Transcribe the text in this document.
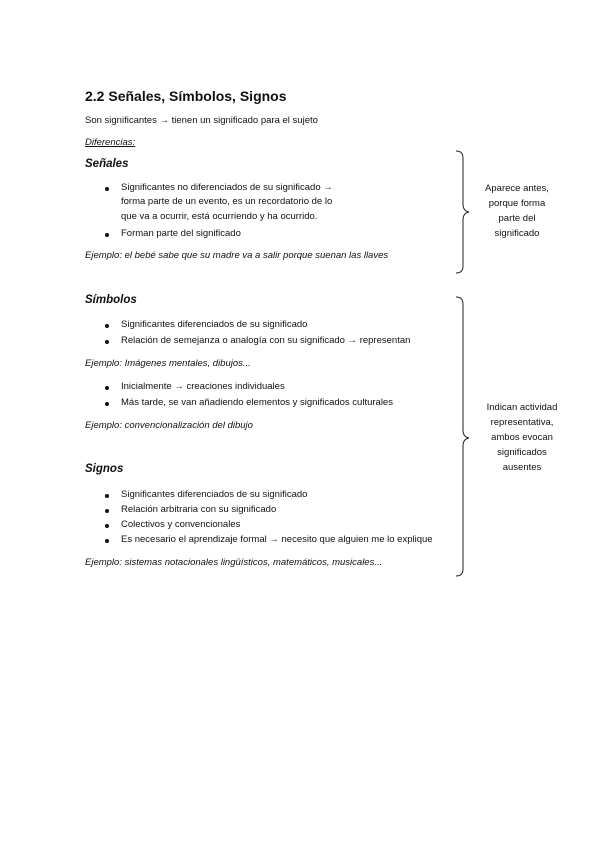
2.2 Señales, Símbolos, Signos
Son significantes → tienen un significado para el sujeto
Diferencias:
Señales
Significantes no diferenciados de su significado →
forma parte de un evento, es un recordatorio de lo
que va a ocurrir, está ocurriendo y ha ocurrido.
Forman parte del significado
Ejemplo: el bebé sabe que su madre va a salir porque suenan las llaves
Símbolos
Significantes diferenciados de su significado
Relación de semejanza o analogía con su significado → representan
Ejemplo: Imágenes mentales, dibujos...
Inicialmente → creaciones individuales
Más tarde, se van añadiendo elementos y significados culturales
Ejemplo: convencionalización del dibujo
Signos
Significantes diferenciados de su significado
Relación arbitraria con su significado
Colectivos y convencionales
Es necesario el aprendizaje formal → necesito que alguien me lo explique
Ejemplo: sistemas notacionales lingüísticos, matemáticos, musicales...
Aparece antes,
porque forma
parte del
significado
Indican actividad
representativa,
ambos evocan
significados
ausentes
